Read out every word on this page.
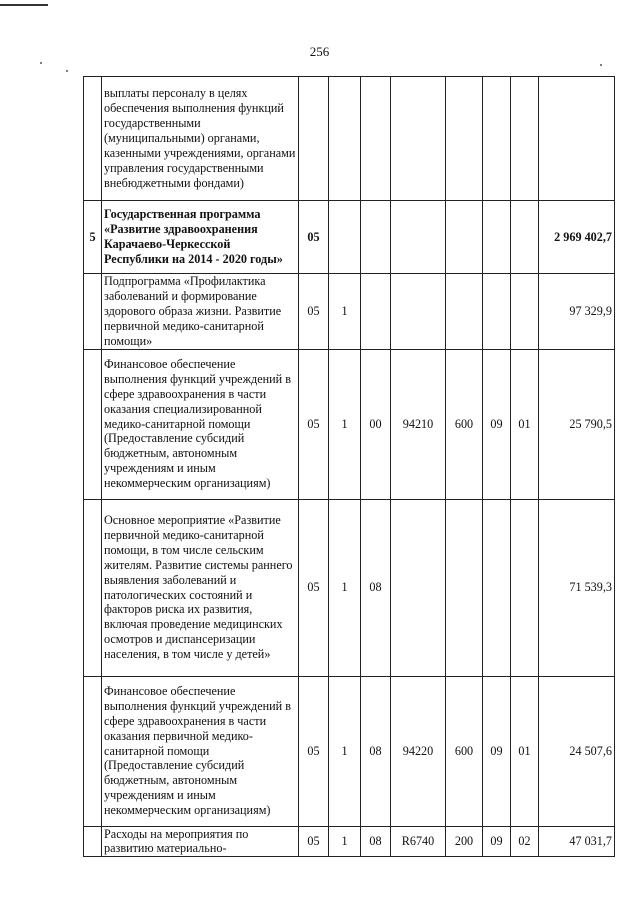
256
	выплаты персоналу в целях обеспечения выполнения функций государственными (муниципальными) органами, казенными учреждениями, органами управления государственными внебюджетными фондами)								
5	Государственная программа «Развитие здравоохранения Карачаево-Черкесской Республики на 2014 - 2020 годы»	05							2 969 402,7
	Подпрограмма «Профилактика заболеваний и формирование здорового образа жизни. Развитие первичной медико-санитарной помощи»	05	1						97 329,9
	Финансовое обеспечение выполнения функций учреждений в сфере здравоохранения в части оказания специализированной медико-санитарной помощи (Предоставление субсидий бюджетным, автономным учреждениям и иным некоммерческим организациям)	05	1	00	94210	600	09	01	25 790,5
	Основное мероприятие «Развитие первичной медико-санитарной помощи, в том числе сельским жителям. Развитие системы раннего выявления заболеваний и патологических состояний и факторов риска их развития, включая проведение медицинских осмотров и диспансеризации населения, в том числе у детей»	05	1	08					71 539,3
	Финансовое обеспечение выполнения функций учреждений в сфере здравоохранения в части оказания первичной медико-санитарной помощи (Предоставление субсидий бюджетным, автономным учреждениям и иным некоммерческим организациям)	05	1	08	94220	600	09	01	24 507,6
	Расходы на мероприятия по развитию материально-	05	1	08	R6740	200	09	02	47 031,7
